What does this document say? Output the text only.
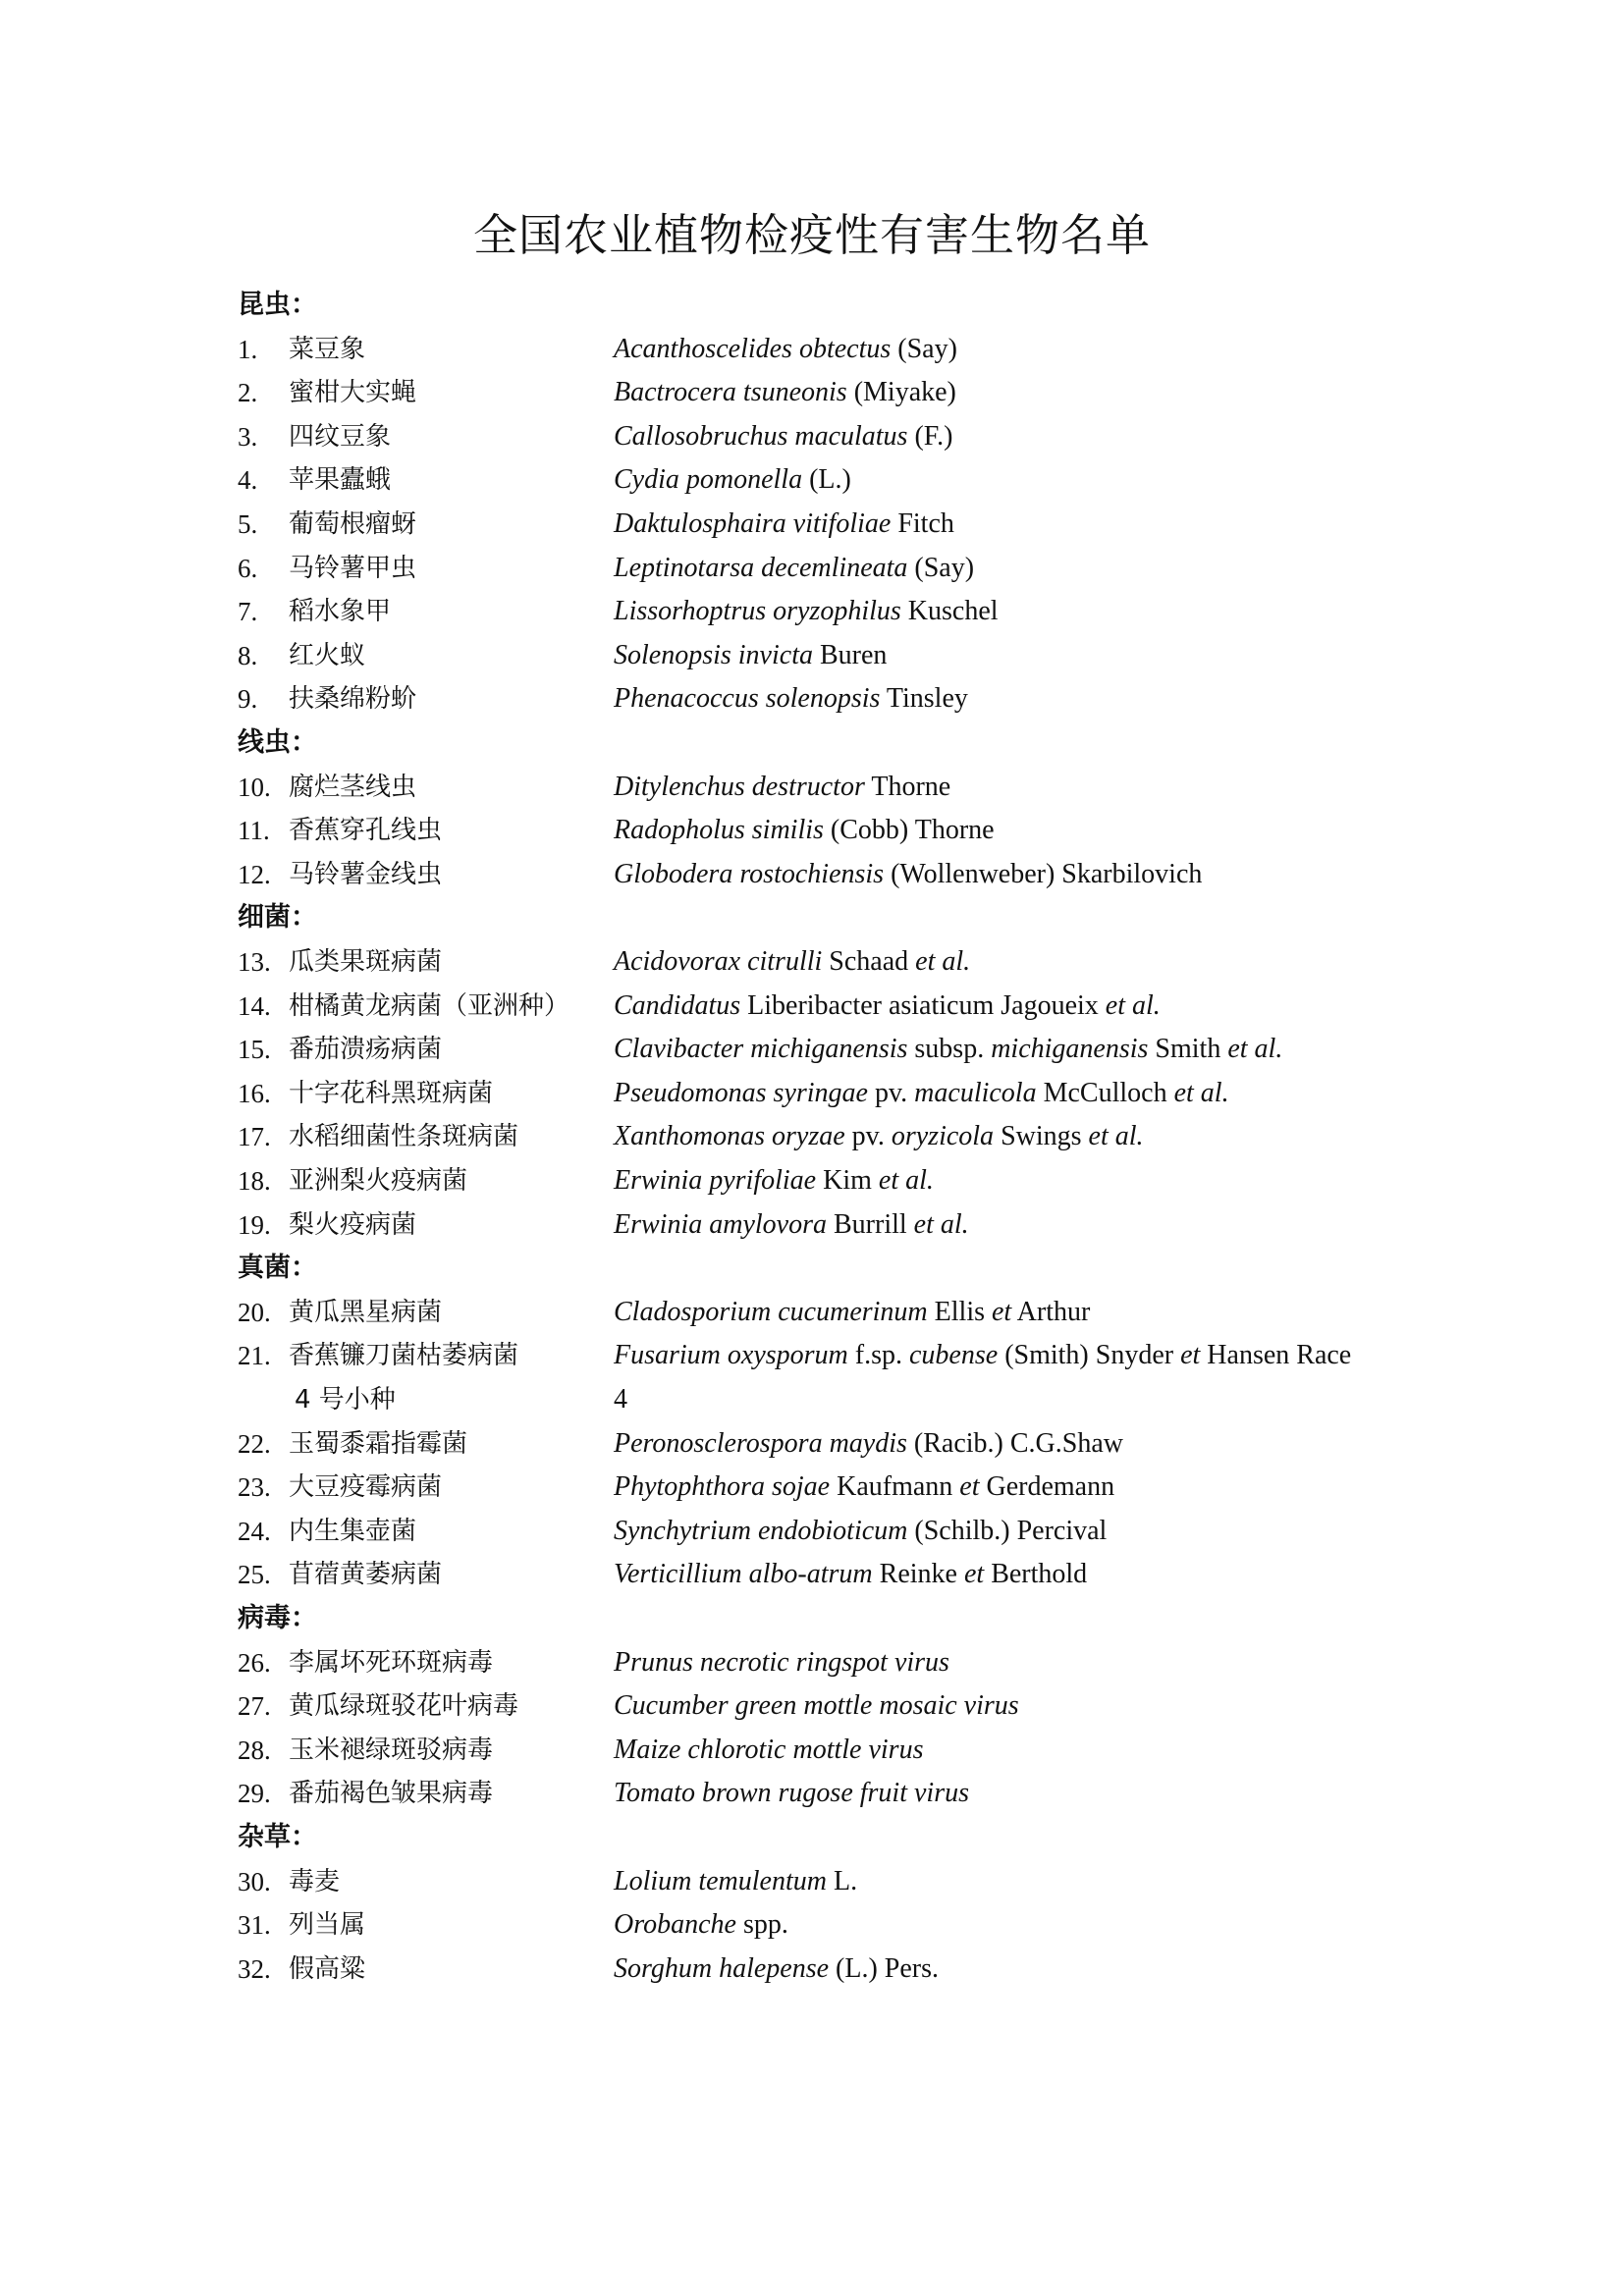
全国农业植物检疫性有害生物名单
昆虫：
1.	菜豆象	Acanthoscelides obtectus (Say)
2.	蜜柑大实蝇	Bactrocera tsuneonis (Miyake)
3.	四纹豆象	Callosobruchus maculatus (F.)
4.	苹果蠹蛾	Cydia pomonella (L.)
5.	葡萄根瘤蚜	Daktulosphaira vitifoliae Fitch
6.	马铃薯甲虫	Leptinotarsa decemlineata (Say)
7.	稻水象甲	Lissorhoptrus oryzophilus Kuschel
8.	红火蚁	Solenopsis invicta Buren
9.	扶桑绵粉蚧	Phenacoccus solenopsis Tinsley
线虫：
10. 腐烂茎线虫	Ditylenchus destructor Thorne
11. 香蕉穿孔线虫	Radopholus similis (Cobb) Thorne
12. 马铃薯金线虫	Globodera rostochiensis (Wollenweber) Skarbilovich
细菌：
13. 瓜类果斑病菌	Acidovorax citrulli Schaad et al.
14. 柑橘黄龙病菌（亚洲种） Candidatus Liberibacter asiaticum Jagoueix et al.
15. 番茄溃疡病菌	Clavibacter michiganensis subsp. michiganensis Smith et al.
16. 十字花科黑斑病菌	Pseudomonas syringae pv. maculicola McCulloch et al.
17. 水稻细菌性条斑病菌	Xanthomonas oryzae pv. oryzicola Swings et al.
18. 亚洲梨火疫病菌	Erwinia pyrifoliae Kim et al.
19. 梨火疫病菌	Erwinia amylovora Burrill et al.
真菌：
20. 黄瓜黑星病菌	Cladosporium cucumerinum Ellis et Arthur
21. 香蕉镰刀菌枯萎病菌	Fusarium oxysporum f.sp. cubense (Smith) Snyder et Hansen Race
4 号小种	4
22. 玉蜀黍霜指霉菌	Peronosclerospora maydis (Racib.) C.G.Shaw
23. 大豆疫霉病菌	Phytophthora sojae Kaufmann et Gerdemann
24. 内生集壶菌	Synchytrium endobioticum (Schilb.) Percival
25. 苜蓿黄萎病菌	Verticillium albo-atrum Reinke et Berthold
病毒：
26. 李属坏死环斑病毒	Prunus necrotic ringspot virus
27. 黄瓜绿斑驳花叶病毒	Cucumber green mottle mosaic virus
28. 玉米褪绿斑驳病毒	Maize chlorotic mottle virus
29. 番茄褐色皱果病毒	Tomato brown rugose fruit virus
杂草：
30. 毒麦	Lolium temulentum L.
31. 列当属	Orobanche spp.
32. 假高粱	Sorghum halepense (L.) Pers.
